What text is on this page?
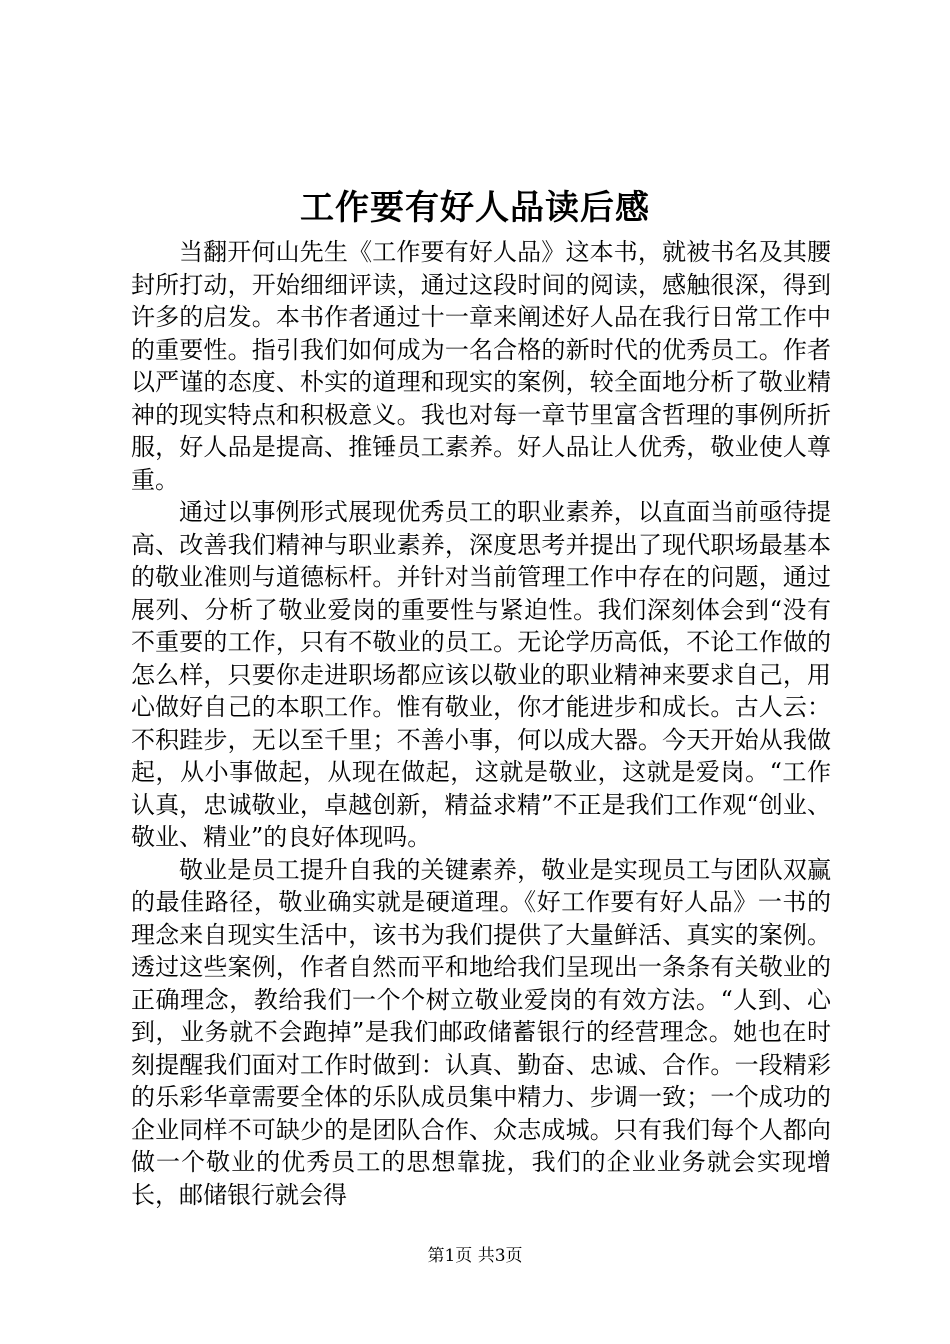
工作要有好人品读后感

当翻开何山先生《工作要有好人品》这本书，就被书名及其腰封所打动，开始细细评读，通过这段时间的阅读，感触很深，得到许多的启发。本书作者通过十一章来阐述好人品在我行日常工作中的重要性。指引我们如何成为一名合格的新时代的优秀员工。作者以严谨的态度、朴实的道理和现实的案例，较全面地分析了敬业精神的现实特点和积极意义。我也对每一章节里富含哲理的事例所折服，好人品是提高、推锤员工素养。好人品让人优秀，敬业使人尊重。

通过以事例形式展现优秀员工的职业素养，以直面当前亟待提高、改善我们精神与职业素养，深度思考并提出了现代职场最基本的敬业准则与道德标杆。并针对当前管理工作中存在的问题，通过展列、分析了敬业爱岗的重要性与紧迫性。我们深刻体会到“没有不重要的工作，只有不敬业的员工。无论学历高低，不论工作做的怎么样，只要你走进职场都应该以敬业的职业精神来要求自己，用心做好自己的本职工作。惟有敬业，你才能进步和成长。古人云：不积跬步，无以至千里；不善小事，何以成大器。今天开始从我做起，从小事做起，从现在做起，这就是敬业，这就是爱岗。“工作认真，忠诚敬业，卓越创新，精益求精”不正是我们工作观“创业、敬业、精业”的良好体现吗。

敬业是员工提升自我的关键素养，敬业是实现员工与团队双赢的最佳路径，敬业确实就是硬道理。《好工作要有好人品》一书的理念来自现实生活中，该书为我们提供了大量鲜活、真实的案例。透过这些案例，作者自然而平和地给我们呈现出一条条有关敬业的正确理念，教给我们一个个树立敬业爱岗的有效方法。“人到、心到，业务就不会跑掉”是我们邮政储蓄银行的经营理念。她也在时刻提醒我们面对工作时做到：认真、勤奋、忠诚、合作。一段精彩的乐彩华章需要全体的乐队成员集中精力、步调一致；一个成功的企业同样不可缺少的是团队合作、众志成城。只有我们每个人都向做一个敬业的优秀员工的思想靠拢，我们的企业业务就会实现增长，邮储银行就会得

第1页 共3页
